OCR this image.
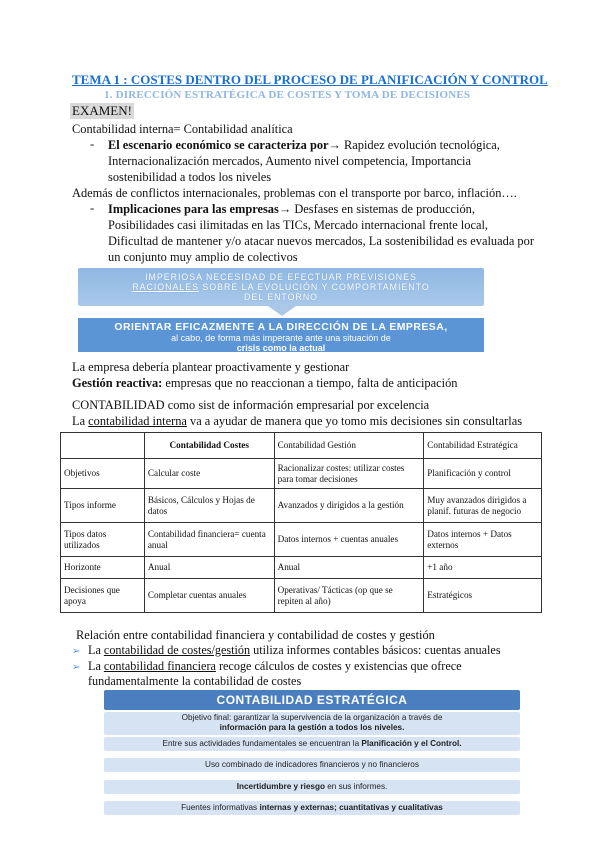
TEMA 1 : COSTES DENTRO DEL PROCESO DE PLANIFICACIÓN Y CONTROL
1. DIRECCIÓN ESTRATÉGICA DE COSTES Y TOMA DE DECISIONES
EXAMEN!
Contabilidad interna= Contabilidad analítica
- El escenario económico se caracteriza por→ Rapidez evolución tecnológica,
Internacionalización mercados, Aumento nivel competencia, Importancia
sostenibilidad a todos los niveles
Además de conflictos internacionales, problemas con el transporte por barco, inflación….
- Implicaciones para las empresas→ Desfases en sistemas de producción,
Posibilidades casi ilimitadas en las TICs, Mercado internacional frente local,
Dificultad de mantener y/o atacar nuevos mercados, La sostenibilidad es evaluada por
un conjunto muy amplio de colectivos
IMPERIOSA NECESIDAD DE EFECTUAR PREVISIONES
RACIONALES SOBRE LA EVOLUCIÓN Y COMPORTAMIENTO
DEL ENTORNO
ORIENTAR EFICAZMENTE A LA DIRECCIÓN DE LA EMPRESA,
al cabo, de forma más imperante ante una situación de
crisis como la actual
La empresa debería plantear proactivamente y gestionar
Gestión reactiva: empresas que no reaccionan a tiempo, falta de anticipación
CONTABILIDAD como sist de información empresarial por excelencia
La contabilidad interna va a ayudar de manera que yo tomo mis decisiones sin consultarlas
	Contabilidad Costes	Contabilidad Gestión	Contabilidad Estratégica
Objetivos	Calcular coste	Racionalizar costes: utilizar costes para tomar decisiones	Planificación y control
Tipos informe	Básicos, Cálculos y Hojas de datos	Avanzados y dirigidos a la gestión	Muy avanzados dirigidos a planif. futuras de negocio
Tipos datos utilizados	Contabilidad financiera= cuenta anual	Datos internos + cuentas anuales	Datos internos + Datos externos
Horizonte	Anual	Anual	+1 año
Decisiones que apoya	Completar cuentas anuales	Operativas/ Tácticas (op que se repiten al año)	Estratégicos
Relación entre contabilidad financiera y contabilidad de costes y gestión
➢ La contabilidad de costes/gestión utiliza informes contables básicos: cuentas anuales
➢ La contabilidad financiera recoge cálculos de costes y existencias que ofrece
fundamentalmente la contabilidad de costes
CONTABILIDAD ESTRATÉGICA
Objetivo final: garantizar la supervivencia de la organización a través de
información para la gestión a todos los niveles.
Entre sus actividades fundamentales se encuentran la Planificación y el Control.
Uso combinado de indicadores financieros y no financieros
Incertidumbre y riesgo en sus informes.
Fuentes informativas internas y externas; cuantitativas y cualitativas
